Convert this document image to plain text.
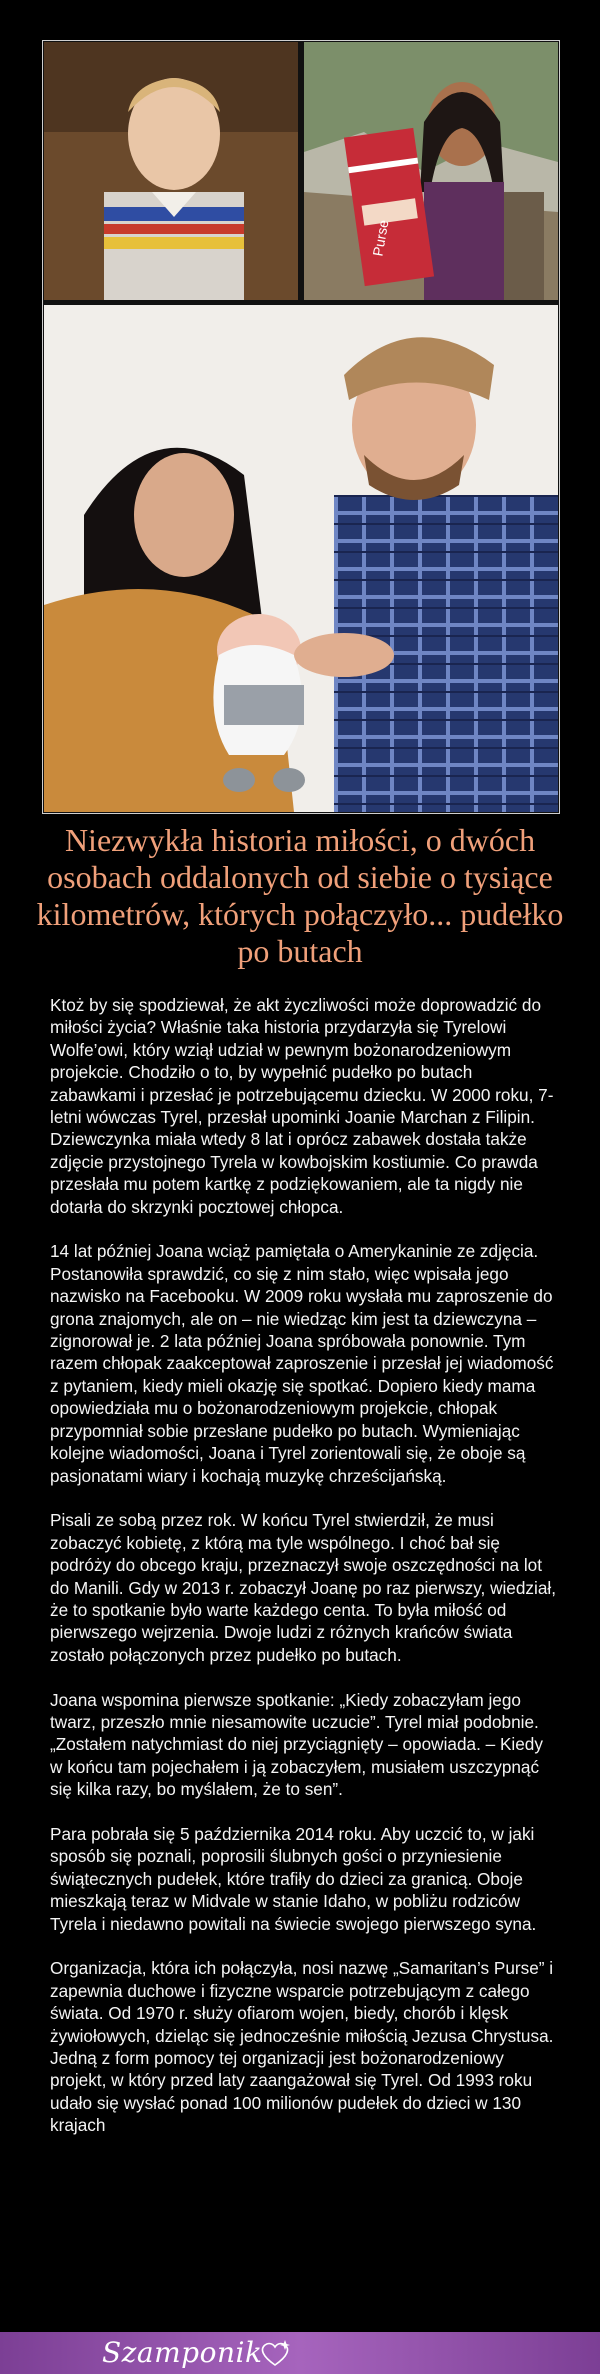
Purse
Niezwykła historia miłości, o dwóch osobach oddalonych od siebie o tysiące kilometrów, których połączyło... pudełko po butach

Ktoż by się spodziewał, że akt życzliwości może doprowadzić do miłości życia? Właśnie taka historia przydarzyła się Tyrelowi Wolfe’owi, który wziął udział w pewnym bożonarodzeniowym projekcie. Chodziło o to, by wypełnić pudełko po butach zabawkami i przesłać je potrzebującemu dziecku. W 2000 roku, 7-letni wówczas Tyrel, przesłał upominki Joanie Marchan z Filipin. Dziewczynka miała wtedy 8 lat i oprócz zabawek dostała także zdjęcie przystojnego Tyrela w kowbojskim kostiumie. Co prawda przesłała mu potem kartkę z podziękowaniem, ale ta nigdy nie dotarła do skrzynki pocztowej chłopca.

14 lat później Joana wciąż pamiętała o Amerykaninie ze zdjęcia. Postanowiła sprawdzić, co się z nim stało, więc wpisała jego nazwisko na Facebooku. W 2009 roku wysłała mu zaproszenie do grona znajomych, ale on – nie wiedząc kim jest ta dziewczyna – zignorował je. 2 lata później Joana spróbowała ponownie. Tym razem chłopak zaakceptował zaproszenie i przesłał jej wiadomość z pytaniem, kiedy mieli okazję się spotkać. Dopiero kiedy mama opowiedziała mu o bożonarodzeniowym projekcie, chłopak przypomniał sobie przesłane pudełko po butach. Wymieniając kolejne wiadomości, Joana i Tyrel zorientowali się, że oboje są pasjonatami wiary i kochają muzykę chrześcijańską.

Pisali ze sobą przez rok. W końcu Tyrel stwierdził, że musi zobaczyć kobietę, z którą ma tyle wspólnego. I choć bał się podróży do obcego kraju, przeznaczył swoje oszczędności na lot do Manili. Gdy w 2013 r. zobaczył Joanę po raz pierwszy, wiedział, że to spotkanie było warte każdego centa. To była miłość od pierwszego wejrzenia. Dwoje ludzi z różnych krańców świata zostało połączonych przez pudełko po butach.

Joana wspomina pierwsze spotkanie: „Kiedy zobaczyłam jego twarz, przeszło mnie niesamowite uczucie”. Tyrel miał podobnie. „Zostałem natychmiast do niej przyciągnięty – opowiada. – Kiedy w końcu tam pojechałem i ją zobaczyłem, musiałem uszczypnąć się kilka razy, bo myślałem, że to sen”.

Para pobrała się 5 października 2014 roku. Aby uczcić to, w jaki sposób się poznali, poprosili ślubnych gości o przyniesienie świątecznych pudełek, które trafiły do dzieci za granicą. Oboje mieszkają teraz w Midvale w stanie Idaho, w pobliżu rodziców Tyrela i niedawno powitali na świecie swojego pierwszego syna.

Organizacja, która ich połączyła, nosi nazwę „Samaritan’s Purse” i zapewnia duchowe i fizyczne wsparcie potrzebującym z całego świata. Od 1970 r. służy ofiarom wojen, biedy, chorób i klęsk żywiołowych, dzieląc się jednocześnie miłością Jezusa Chrystusa. Jedną z form pomocy tej organizacji jest bożonarodzeniowy projekt, w który przed laty zaangażował się Tyrel. Od 1993 roku udało się wysłać ponad 100 milionów pudełek do dzieci w 130 krajach

Szamponik
